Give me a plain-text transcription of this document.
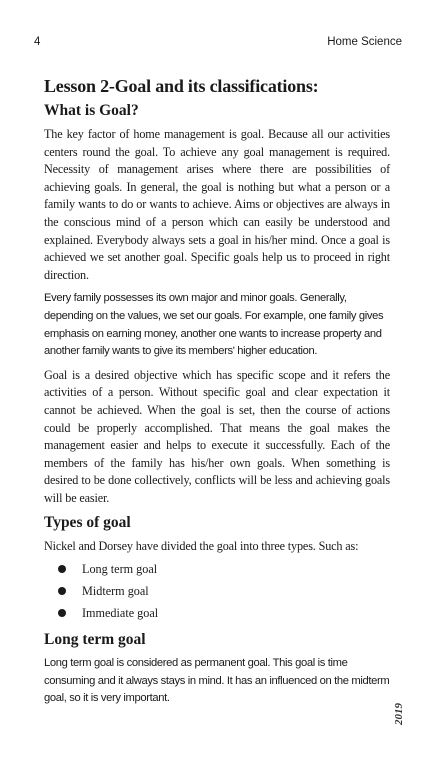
4	Home Science
Lesson 2-Goal and its classifications:
What is Goal?

The key factor of home management is goal. Because all our activities centers round the goal. To achieve any goal management is required. Necessity of management arises where there are possibilities of achieving goals. In general, the goal is nothing but what a person or a family wants to do or wants to achieve. Aims or objectives are always in the conscious mind of a person which can easily be understood and explained. Everybody always sets a goal in his/her mind. Once a goal is achieved we set another goal. Specific goals help us to proceed in right direction.

Every family possesses its own major and minor goals. Generally, depending on the values, we set our goals. For example, one family gives emphasis on earning money, another one wants to increase property and another family wants to give its members' higher education.

Goal is a desired objective which has specific scope and it refers the activities of a person. Without specific goal and clear expectation it cannot be achieved. When the goal is set, then the course of actions could be properly accomplished. That means the goal makes the management easier and helps to execute it successfully. Each of the members of the family has his/her own goals. When something is desired to be done collectively, conflicts will be less and achieving goals will be easier.

Types of goal

Nickel and Dorsey have divided the goal into three types. Such as:

Long term goal
Midterm goal
Immediate goal
Long term goal

Long term goal is considered as permanent goal. This goal is time consuming and it always stays in mind. It has an influenced on the midterm goal, so it is very important.

2019
